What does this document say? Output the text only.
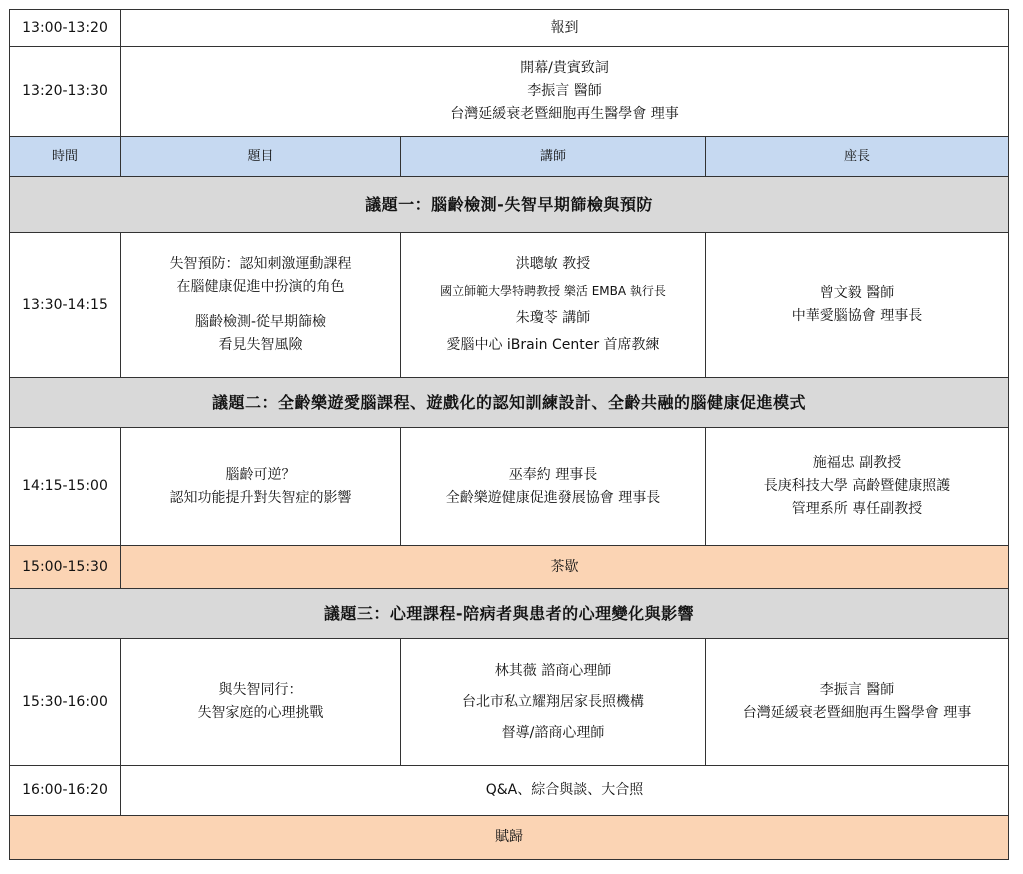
13:00-13:20	報到		
13:20-13:30	開幕/貴賓致詞
李振言 醫師
台灣延緩衰老暨細胞再生醫學會 理事		

時間	題目	講師	座長
議題一：腦齡檢測-失智早期篩檢與預防			
13:30-14:15	失智預防：認知刺激運動課程
在腦健康促進中扮演的角色
腦齡檢測-從早期篩檢
看見失智風險	洪聰敏 教授
國立師範大學特聘教授 樂活 EMBA 執行長
朱瓊苓 講師
愛腦中心 iBrain Center 首席教練	曾文毅 醫師
中華愛腦協會 理事長

議題二：全齡樂遊愛腦課程、遊戲化的認知訓練設計、全齡共融的腦健康促進模式			
14:15-15:00	腦齡可逆？
認知功能提升對失智症的影響	巫奉約 理事長
全齡樂遊健康促進發展協會 理事長	施福忠 副教授
長庚科技大學 高齡暨健康照護
管理系所 專任副教授

15:00-15:30	茶歇		
議題三：心理課程-陪病者與患者的心理變化與影響			
15:30-16:00	與失智同行：
失智家庭的心理挑戰	林其薇 諮商心理師
台北市私立耀翔居家長照機構
督導/諮商心理師	李振言 醫師
台灣延緩衰老暨細胞再生醫學會 理事

16:00-16:20	Q&A、綜合與談、大合照		
賦歸			
